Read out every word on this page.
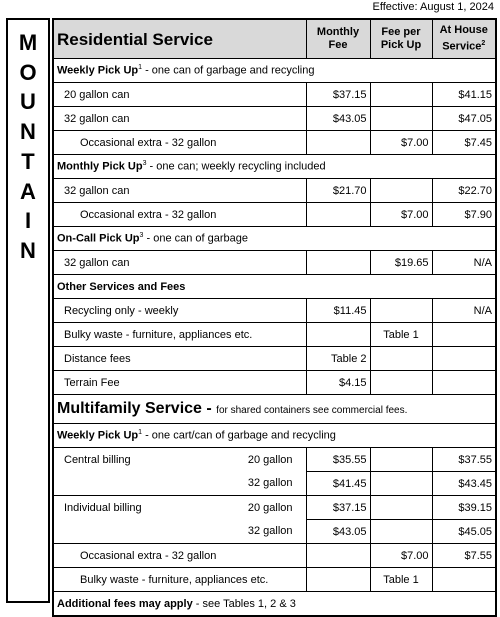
Effective: August 1, 2024
M
O
U
N
T
A
I
N
Residential Service	Monthly Fee	Fee per Pick Up	At House Service$^2$
Weekly Pick Up$^1$ - one can of garbage and recycling			
20 gallon can	$37.15		$41.15
32 gallon can	$43.05		$47.05
Occasional extra - 32 gallon		$7.00	$7.45
Monthly Pick Up$^3$ - one can; weekly recycling included			
32 gallon can	$21.70		$22.70
Occasional extra - 32 gallon		$7.00	$7.90
On-Call Pick Up$^3$ - one can of garbage			
32 gallon can		$19.65	N/A
Other Services and Fees			
Recycling only - weekly	$11.45		N/A
Bulky waste - furniture, appliances etc.		Table 1	
Distance fees	Table 2		
Terrain Fee	$4.15		
Multifamily Service - for shared containers see commercial fees.			
Weekly Pick Up$^1$ - one cart/can of garbage and recycling			

Central billing 20 gallon	$35.55		$37.55

32 gallon	$41.45		$43.45

Individual billing 20 gallon	$37.15		$39.15

32 gallon	$43.05		$45.05
Occasional extra - 32 gallon		$7.00	$7.55
Bulky waste - furniture, appliances etc.		Table 1	
Additional fees may apply - see Tables 1, 2 & 3			
